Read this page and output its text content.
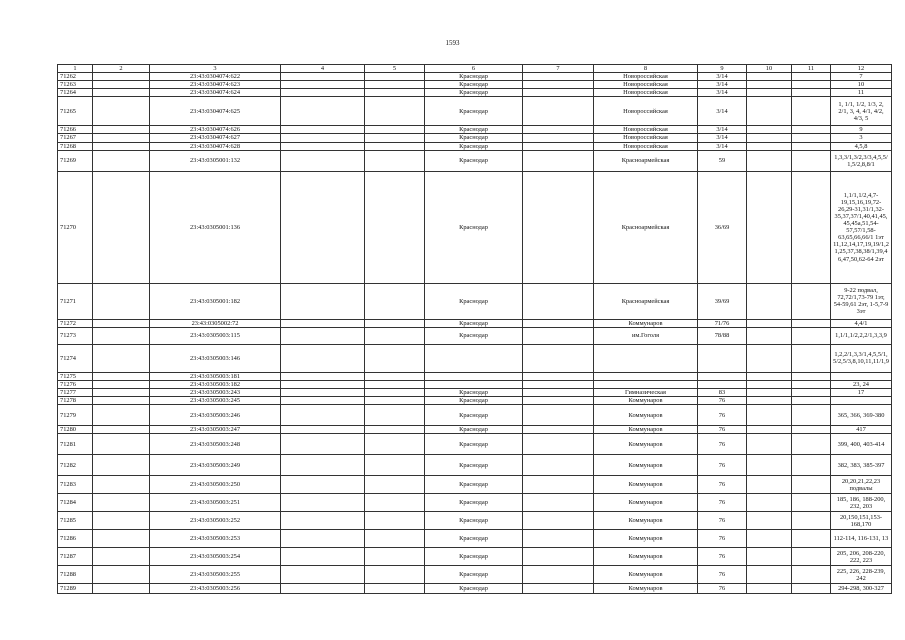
1593
1	2	3	4	5	6	7	8	9	10	11	12
71262		23:43:0304074:622			Краснодар		Новороссийская	3/14			7
71263		23:43:0304074:623			Краснодар		Новороссийская	3/14			10
71264		23:43:0304074:624			Краснодар		Новороссийская	3/14			11
71265		23:43:0304074:625			Краснодар		Новороссийская	3/14			1, 1/1, 1/2, 1/3, 2, 2/1, 3, 4, 4/1, 4/2, 4/3, 5
71266		23:43:0304074:626			Краснодар		Новороссийская	3/14			9
71267		23:43:0304074:627			Краснодар		Новороссийская	3/14			3
71268		23:43:0304074:628			Краснодар		Новороссийская	3/14			4,5,8
71269		23:43:0305001:132			Краснодар		Красноармейская	59			1,3,3/1,3/2,3/3,4,5,5/1,5/2,8,8/1
71270		23:43:0305001:136			Краснодар		Красноармейская	36/69			1,1/1,1/2,4,7-19,15,16,19,72-26,29-31,31/1,32-35,37,37/1,40,41,45,45,45а,51,54-57,57/1,58-63,65,66,66/1 1эт 11,12,14,17,19,19/1,21,25,37,38,38/1,39,46,47,50,62-64 2эт
71271		23:43:0305001:182			Краснодар		Красноармейская	39/69			9-22 подвал, 72,72/1,73-79 1эт, 54-59,61 2эт, 1-5,7-9 3эт
71272		23:43:0305002:72			Краснодар		Коммунаров	71/76			4,4/1
71273		23:43:0305003:115			Краснодар		им.Гоголя	78/88			1,1/1,1/2,2,2/1,3,3,9
71274		23:43:0305003:146									1,2,2/1,3,3/1,4,5,5/1,5/2,5/3,8,10,11,11/1,9
71275		23:43:0305003:181									
71276		23:43:0305003:182									23, 24
71277		23:43:0305003:243			Краснодар		Гимназическая	83			17
71278		23:43:0305003:245			Краснодар		Коммунаров	76			
71279		23:43:0305003:246			Краснодар		Коммунаров	76			365, 366, 369-380
71280		23:43:0305003:247			Краснодар		Коммунаров	76			417
71281		23:43:0305003:248			Краснодар		Коммунаров	76			399, 400, 403-414
71282		23:43:0305003:249			Краснодар		Коммунаров	76			382, 383, 385-397
71283		23:43:0305003:250			Краснодар		Коммунаров	76			20,20,21,22,23 подвалы
71284		23:43:0305003:251			Краснодар		Коммунаров	76			185, 186, 188-200, 232, 203
71285		23:43:0305003:252			Краснодар		Коммунаров	76			20,150,151,153-168,170
71286		23:43:0305003:253			Краснодар		Коммунаров	76			112-114, 116-131, 13
71287		23:43:0305003:254			Краснодар		Коммунаров	76			205, 206, 208-220, 222, 223
71288		23:43:0305003:255			Краснодар		Коммунаров	76			225, 226, 228-239, 242
71289		23:43:0305003:256			Краснодар		Коммунаров	76			294-298, 300-327
